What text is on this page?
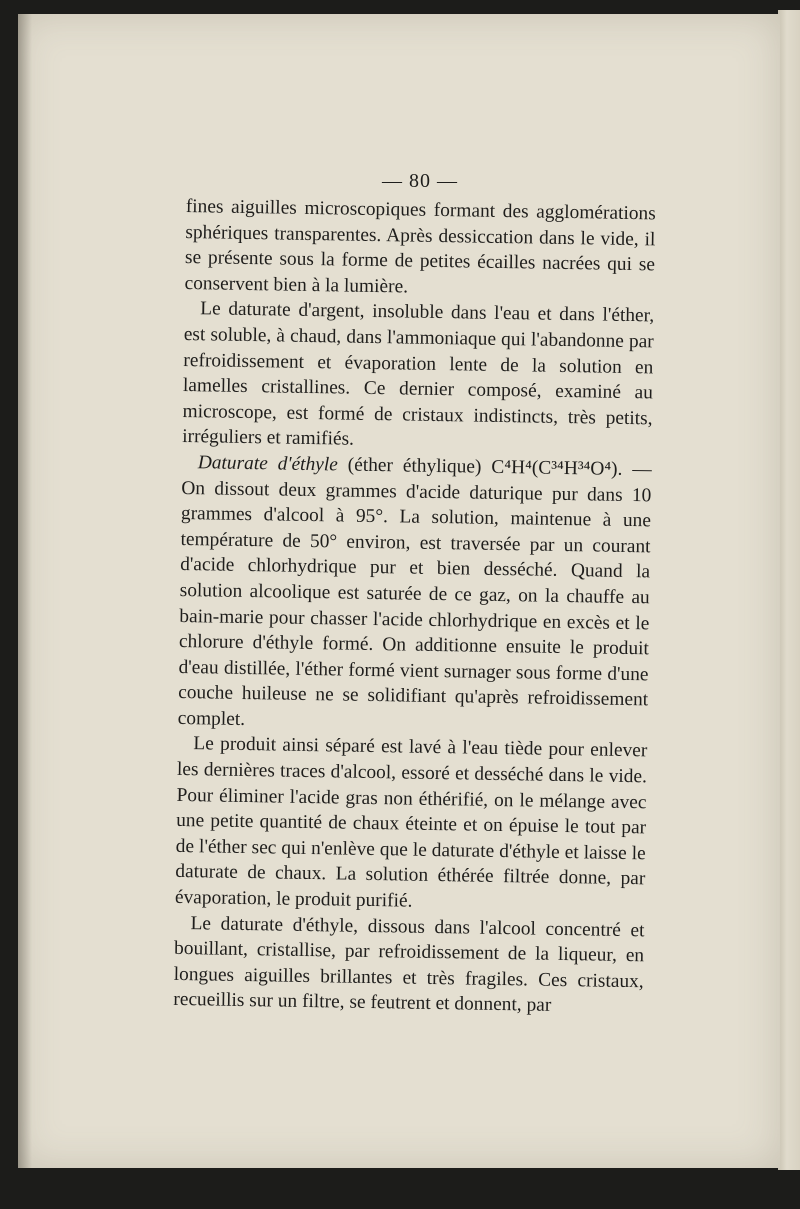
— 80 —

fines aiguilles microscopiques formant des agglomérations sphériques transparentes. Après dessiccation dans le vide, il se présente sous la forme de petites écailles nacrées qui se conservent bien à la lumière.

Le daturate d'argent, insoluble dans l'eau et dans l'éther, est soluble, à chaud, dans l'ammoniaque qui l'abandonne par refroidissement et évaporation lente de la solution en lamelles cristallines. Ce dernier composé, examiné au microscope, est formé de cristaux indistincts, très petits, irréguliers et ramifiés.

Daturate d'éthyle (éther éthylique) C⁴H⁴(C³⁴H³⁴O⁴). — On dissout deux grammes d'acide daturique pur dans 10 grammes d'alcool à 95°. La solution, maintenue à une température de 50° environ, est traversée par un courant d'acide chlorhydrique pur et bien desséché. Quand la solution alcoolique est saturée de ce gaz, on la chauffe au bain-marie pour chasser l'acide chlorhydrique en excès et le chlorure d'éthyle formé. On additionne ensuite le produit d'eau distillée, l'éther formé vient surnager sous forme d'une couche huileuse ne se solidifiant qu'après refroidissement complet.

Le produit ainsi séparé est lavé à l'eau tiède pour enlever les dernières traces d'alcool, essoré et desséché dans le vide. Pour éliminer l'acide gras non éthérifié, on le mélange avec une petite quantité de chaux éteinte et on épuise le tout par de l'éther sec qui n'enlève que le daturate d'éthyle et laisse le daturate de chaux. La solution éthérée filtrée donne, par évaporation, le produit purifié.

Le daturate d'éthyle, dissous dans l'alcool concentré et bouillant, cristallise, par refroidissement de la liqueur, en longues aiguilles brillantes et très fragiles. Ces cristaux, recueillis sur un filtre, se feutrent et donnent, par
